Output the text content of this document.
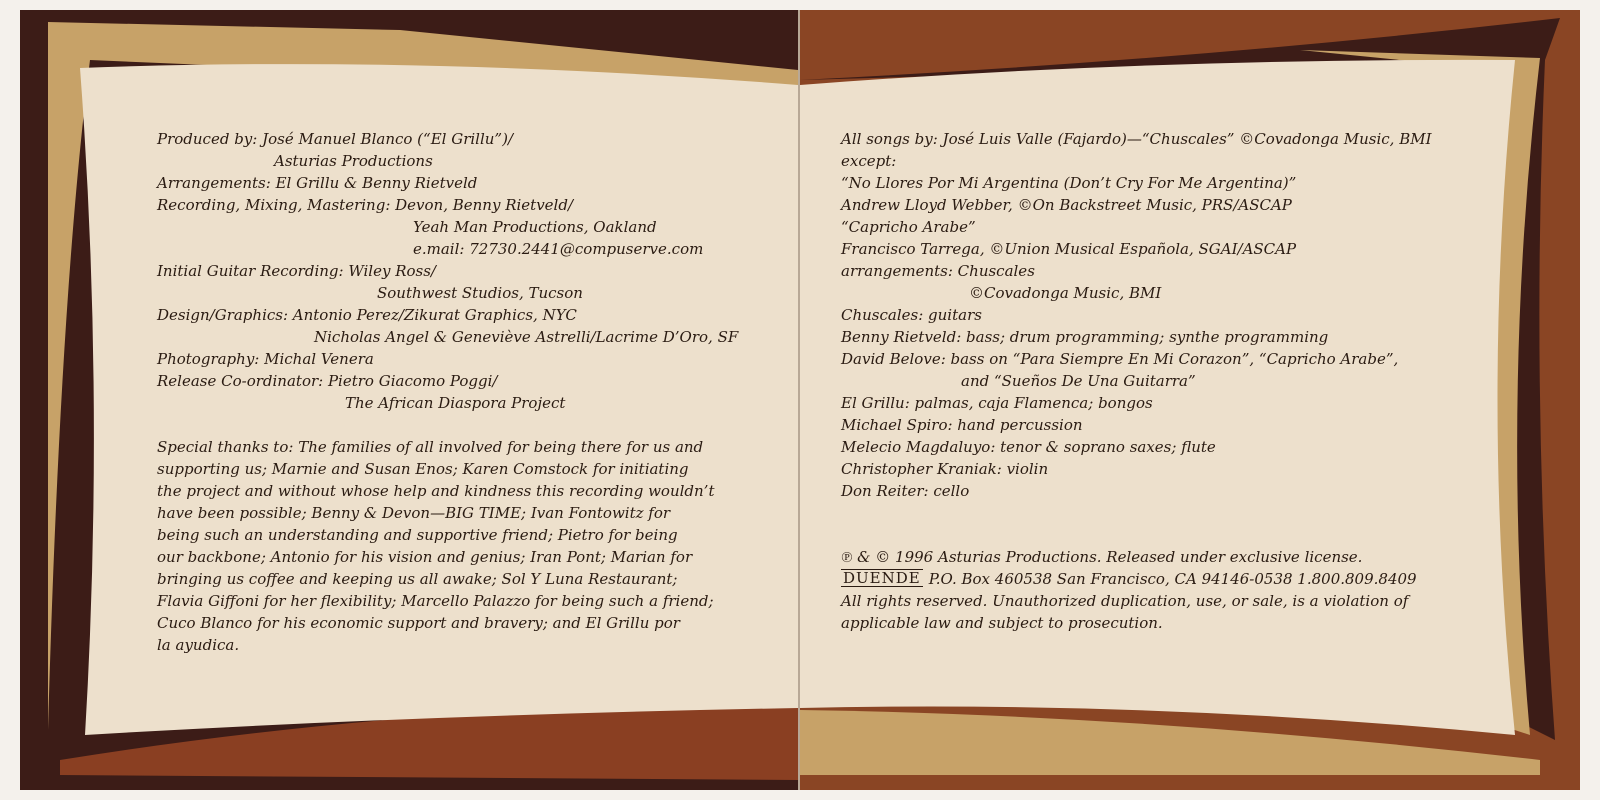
Produced by: José Manuel Blanco (“El Grillu”)/
Asturias Productions
Arrangements: El Grillu & Benny Rietveld
Recording, Mixing, Mastering: Devon, Benny Rietveld/
Yeah Man Productions, Oakland
e.mail: 72730.2441@compuserve.com
Initial Guitar Recording: Wiley Ross/
Southwest Studios, Tucson
Design/Graphics: Antonio Perez/Zikurat Graphics, NYC
Nicholas Angel & Geneviève Astrelli/Lacrime D’Oro, SF
Photography: Michal Venera
Release Co-ordinator: Pietro Giacomo Poggi/
The African Diaspora Project
Special thanks to: The families of all involved for being there for us and
supporting us; Marnie and Susan Enos; Karen Comstock for initiating
the project and without whose help and kindness this recording wouldn’t
have been possible; Benny & Devon—BIG TIME; Ivan Fontowitz for
being such an understanding and supportive friend; Pietro for being
our backbone; Antonio for his vision and genius; Iran Pont; Marian for
bringing us coffee and keeping us all awake; Sol Y Luna Restaurant;
Flavia Giffoni for her flexibility; Marcello Palazzo for being such a friend;
Cuco Blanco for his economic support and bravery; and El Grillu por
la ayudica.
All songs by: José Luis Valle (Fajardo)—“Chuscales” ©Covadonga Music, BMI
except:
“No Llores Por Mi Argentina (Don’t Cry For Me Argentina)”
Andrew Lloyd Webber, ©On Backstreet Music, PRS/ASCAP
“Capricho Arabe”
Francisco Tarrega, ©Union Musical Española, SGAI/ASCAP
arrangements: Chuscales
©Covadonga Music, BMI
Chuscales: guitars
Benny Rietveld: bass; drum programming; synthe programming
David Belove: bass on “Para Siempre En Mi Corazon”, “Capricho Arabe”,
and “Sueños De Una Guitarra”
El Grillu: palmas, caja Flamenca; bongos
Michael Spiro: hand percussion
Melecio Magdaluyo: tenor & soprano saxes; flute
Christopher Kraniak: violin
Don Reiter: cello
℗ & © 1996 Asturias Productions. Released under exclusive license.
DUENDE P.O. Box 460538 San Francisco, CA 94146-0538 1.800.809.8409
All rights reserved. Unauthorized duplication, use, or sale, is a violation of
applicable law and subject to prosecution.
